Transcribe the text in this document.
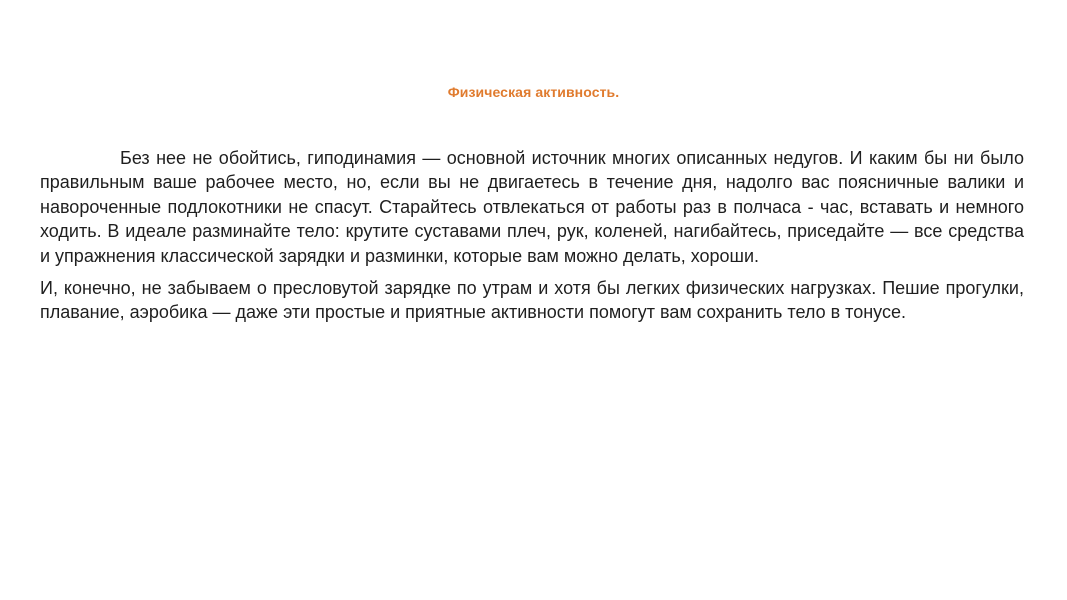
Физическая активность.

Без нее не обойтись, гиподинамия — основной источник многих описанных недугов. И каким бы ни было правильным ваше рабочее место, но, если вы не двигаетесь в течение дня, надолго вас поясничные валики и навороченные подлокотники не спасут. Старайтесь отвлекаться от работы раз в полчаса - час, вставать и немного ходить. В идеале разминайте тело: крутите суставами плеч, рук, коленей, нагибайтесь, приседайте — все средства и упражнения классической зарядки и разминки, которые вам можно делать, хороши.

И, конечно, не забываем о пресловутой зарядке по утрам и хотя бы легких физических нагрузках. Пешие прогулки, плавание, аэробика — даже эти простые и приятные активности помогут вам сохранить тело в тонусе.
